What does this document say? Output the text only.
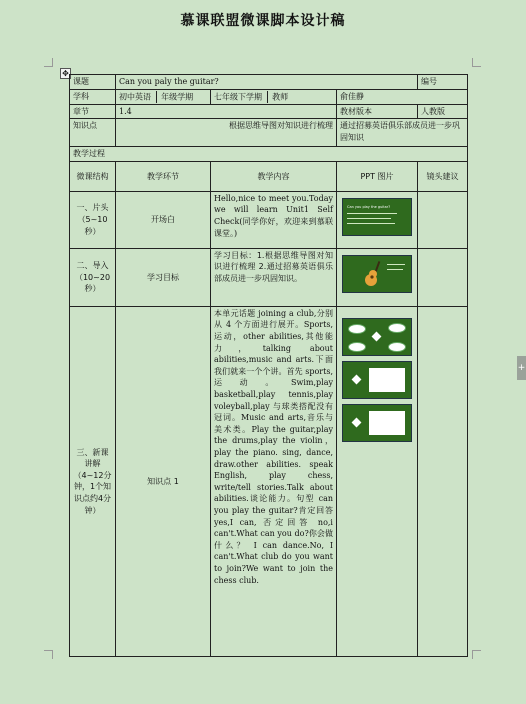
慕课联盟微课脚本设计稿
✥
+
课题	Can you paly the guitar?			编号
学科	初中英语 年级学期	七年级下学期 教师	俞佳静	
章节	1.4		教材版本	人教版
知识点	根据思维导图对知识进行梳理		通过招募英语俱乐部成员进一步巩固知识	
教学过程				
微课结构	教学环节	教学内容	PPT 图片	镜头建议
一、片头（5~10秒）	开场白	Hello,nice to meet you.Today we will learn Unit1 Self Check(同学你好，欢迎来到慕联课堂。)	Can you play the guitar?	

二、导入（10~20秒）	学习目标	学习目标：1.根据思维导图对知识进行梳理 2.通过招募英语俱乐部成员进一步巩固知识。	

三、新课讲解（4~12分钟，1个知识点约4分钟）	知识点 1	本单元话题 joining a club,分别从 4 个方面进行展开。Sports,运动，other abilities,其他能力，talking about abilities,music and arts.下面我们就来一个个讲。首先 sports, 运动。Swim,play basketball,play tennis,play voleyball,play 与球类搭配没有冠词。Music and arts,音乐与美术类。Play the guitar,play the drums,play the violin，play the piano. sing, dance, draw.other abilities. speak English, play chess, write/tell stories.Talk about abilities.谈论能力。句型 can you play the guitar?肯定回答 yes,I can, 否定回答 no,i can't.What can you do?你会做什么？ I can dance.No, I can't.What club do you want to join?We want to join the chess club.	
